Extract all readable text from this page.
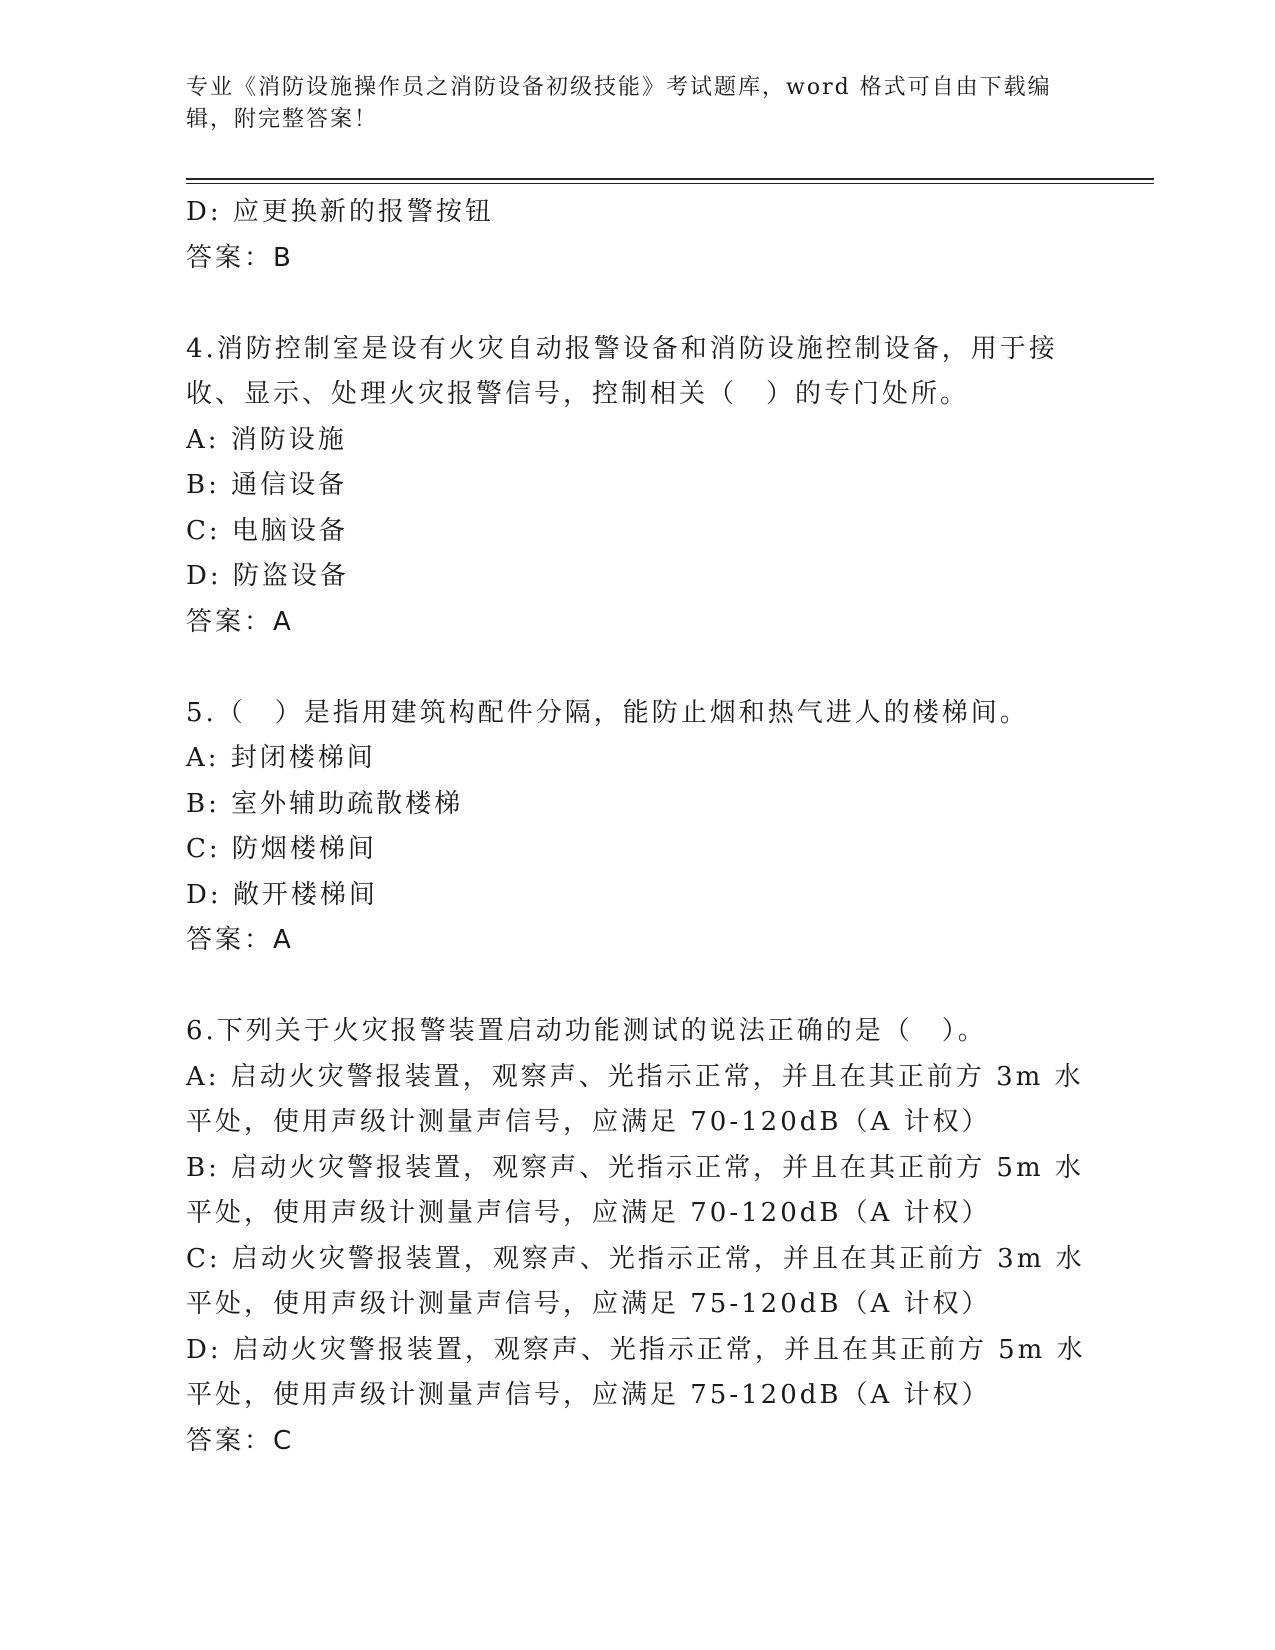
专业《消防设施操作员之消防设备初级技能》考试题库，word 格式可自由下载编
辑，附完整答案！
D: 应更换新的报警按钮
答案：B
4.消防控制室是设有火灾自动报警设备和消防设施控制设备，用于接
收、显示、处理火灾报警信号，控制相关（　）的专门处所。
A: 消防设施
B: 通信设备
C: 电脑设备
D: 防盗设备
答案：A
5.（　）是指用建筑构配件分隔，能防止烟和热气进人的楼梯间。
A: 封闭楼梯间
B: 室外辅助疏散楼梯
C: 防烟楼梯间
D: 敞开楼梯间
答案：A
6.下列关于火灾报警装置启动功能测试的说法正确的是（　）。
A: 启动火灾警报装置，观察声、光指示正常，并且在其正前方 3m 水
平处，使用声级计测量声信号，应满足 70-120dB（A 计权）
B: 启动火灾警报装置，观察声、光指示正常，并且在其正前方 5m 水
平处，使用声级计测量声信号，应满足 70-120dB（A 计权）
C: 启动火灾警报装置，观察声、光指示正常，并且在其正前方 3m 水
平处，使用声级计测量声信号，应满足 75-120dB（A 计权）
D: 启动火灾警报装置，观察声、光指示正常，并且在其正前方 5m 水
平处，使用声级计测量声信号，应满足 75-120dB（A 计权）
答案：C
